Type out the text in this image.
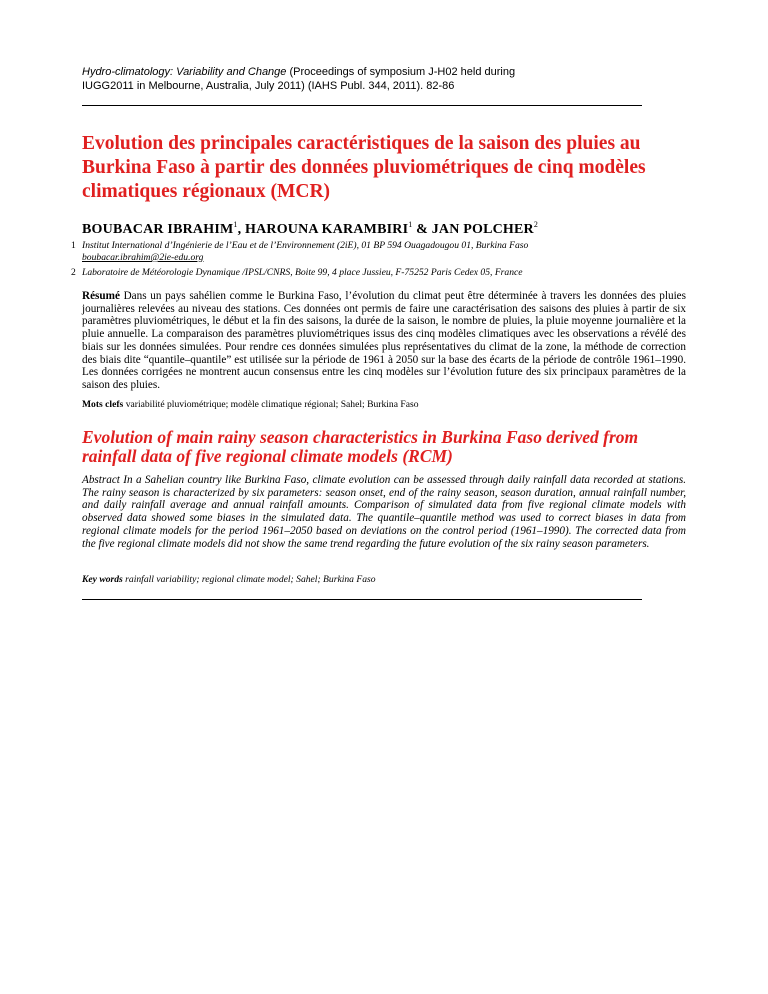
Hydro-climatology: Variability and Change (Proceedings of symposium J-H02 held during
IUGG2011 in Melbourne, Australia, July 2011) (IAHS Publ. 344, 2011). 82-86
Evolution des principales caractéristiques de la saison des pluies au Burkina Faso à partir des données pluviométriques de cinq modèles climatiques régionaux (MCR)
BOUBACAR IBRAHIM$^1$, HAROUNA KARAMBIRI$^1$ & JAN POLCHER$^2$
1 Institut International d’Ingénierie de l’Eau et de l’Environnement (2iE), 01 BP 594 Ouagadougou 01, Burkina Faso
boubacar.ibrahim@2ie-edu.org
2 Laboratoire de Météorologie Dynamique /IPSL/CNRS, Boite 99, 4 place Jussieu, F-75252 Paris Cedex 05, France

Résumé Dans un pays sahélien comme le Burkina Faso, l’évolution du climat peut être déterminée à travers les données des pluies journalières relevées au niveau des stations. Ces données ont permis de faire une caractérisation des saisons des pluies à partir de six paramètres pluviométriques, le début et la fin des saisons, la durée de la saison, le nombre de pluies, la pluie moyenne journalière et la pluie annuelle. La comparaison des paramètres pluviométriques issus des cinq modèles climatiques avec les observations a révélé des biais sur les données simulées. Pour rendre ces données simulées plus représentatives du climat de la zone, la méthode de correction des biais dite “quantile–quantile” est utilisée sur la période de 1961 à 2050 sur la base des écarts de la période de contrôle 1961–1990. Les données corrigées ne montrent aucun consensus entre les cinq modèles sur l’évolution future des six principaux paramètres de la saison des pluies.

Mots clefs variabilité pluviométrique; modèle climatique régional; Sahel; Burkina Faso
Evolution of main rainy season characteristics in Burkina Faso derived from rainfall data of five regional climate models (RCM)

Abstract In a Sahelian country like Burkina Faso, climate evolution can be assessed through daily rainfall data recorded at stations. The rainy season is characterized by six parameters: season onset, end of the rainy season, season duration, annual rainfall number, and daily rainfall average and annual rainfall amounts. Comparison of simulated data from five regional climate models with observed data showed some biases in the simulated data. The quantile–quantile method was used to correct biases in data from regional climate models for the period 1961–2050 based on deviations on the control period (1961–1990). The corrected data from the five regional climate models did not show the same trend regarding the future evolution of the six rainy season parameters.

Key words rainfall variability; regional climate model; Sahel; Burkina Faso
